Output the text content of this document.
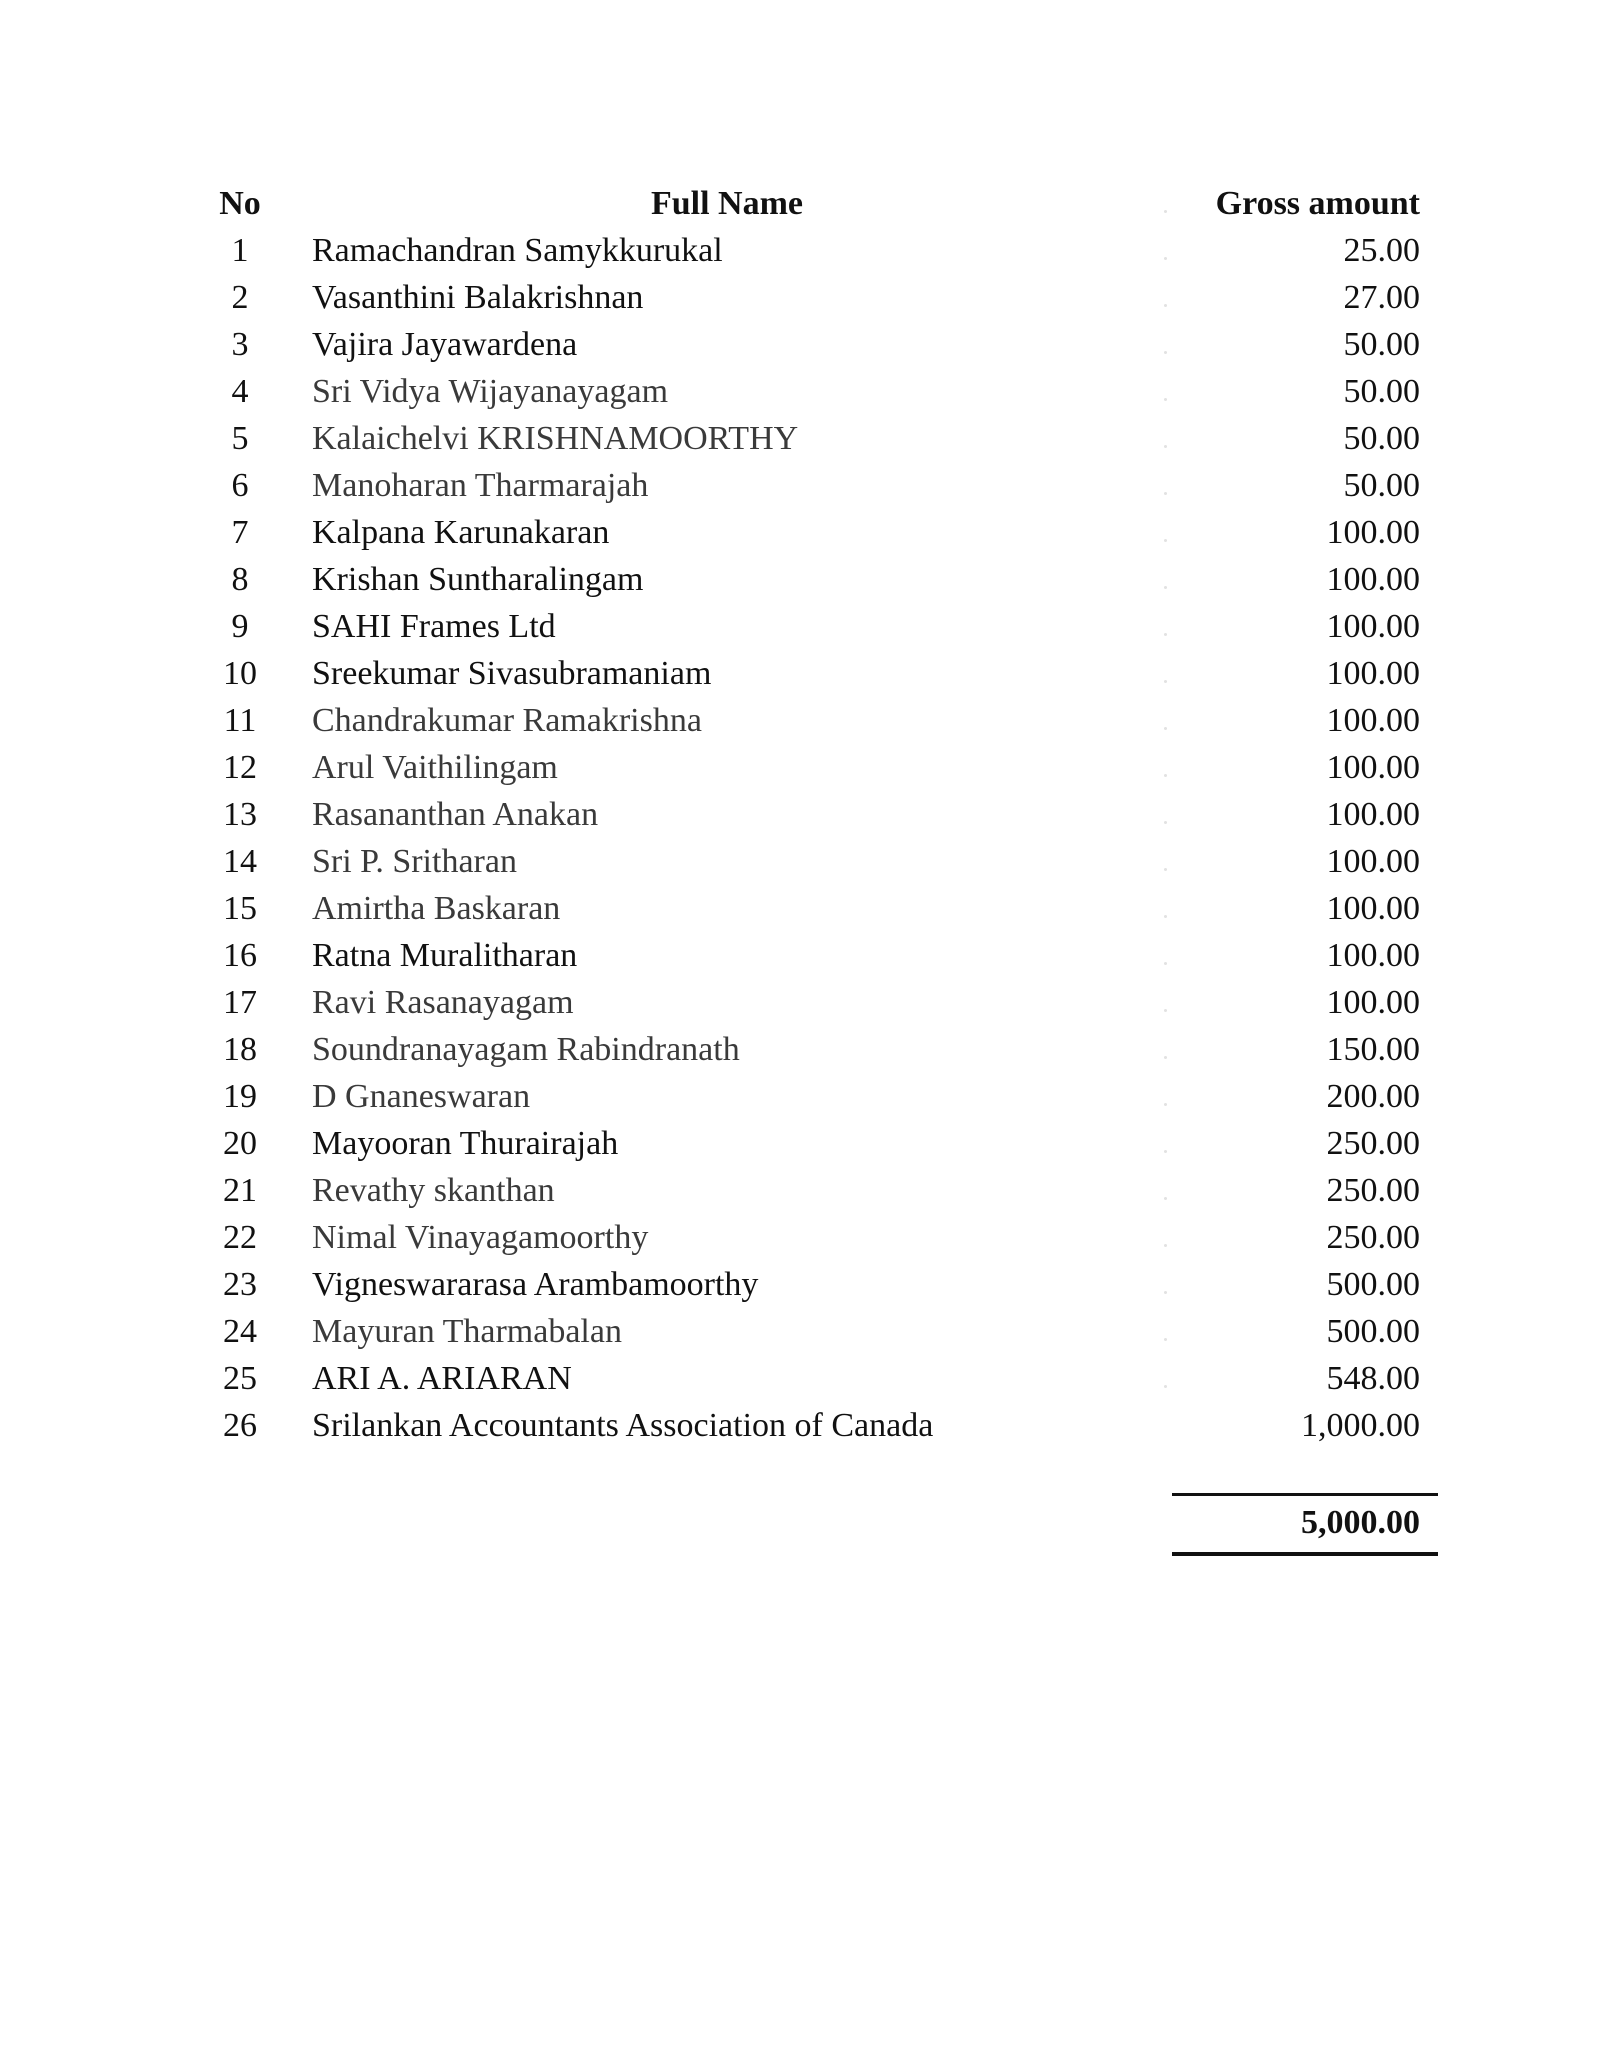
No	Full Name	Gross amount
1	Ramachandran Samykkurukal	25.00
2	Vasanthini Balakrishnan	27.00
3	Vajira Jayawardena	50.00
4	Sri Vidya Wijayanayagam	50.00
5	Kalaichelvi KRISHNAMOORTHY	50.00
6	Manoharan Tharmarajah	50.00
7	Kalpana Karunakaran	100.00
8	Krishan Suntharalingam	100.00
9	SAHI Frames Ltd	100.00
10	Sreekumar Sivasubramaniam	100.00
11	Chandrakumar Ramakrishna	100.00
12	Arul Vaithilingam	100.00
13	Rasananthan Anakan	100.00
14	Sri P. Sritharan	100.00
15	Amirtha Baskaran	100.00
16	Ratna Muralitharan	100.00
17	Ravi Rasanayagam	100.00
18	Soundranayagam Rabindranath	150.00
19	D Gnaneswaran	200.00
20	Mayooran Thurairajah	250.00
21	Revathy skanthan	250.00
22	Nimal Vinayagamoorthy	250.00
23	Vigneswararasa Arambamoorthy	500.00
24	Mayuran Tharmabalan	500.00
25	ARI A. ARIARAN	548.00
26	Srilankan Accountants Association of Canada	1,000.00
5,000.00
